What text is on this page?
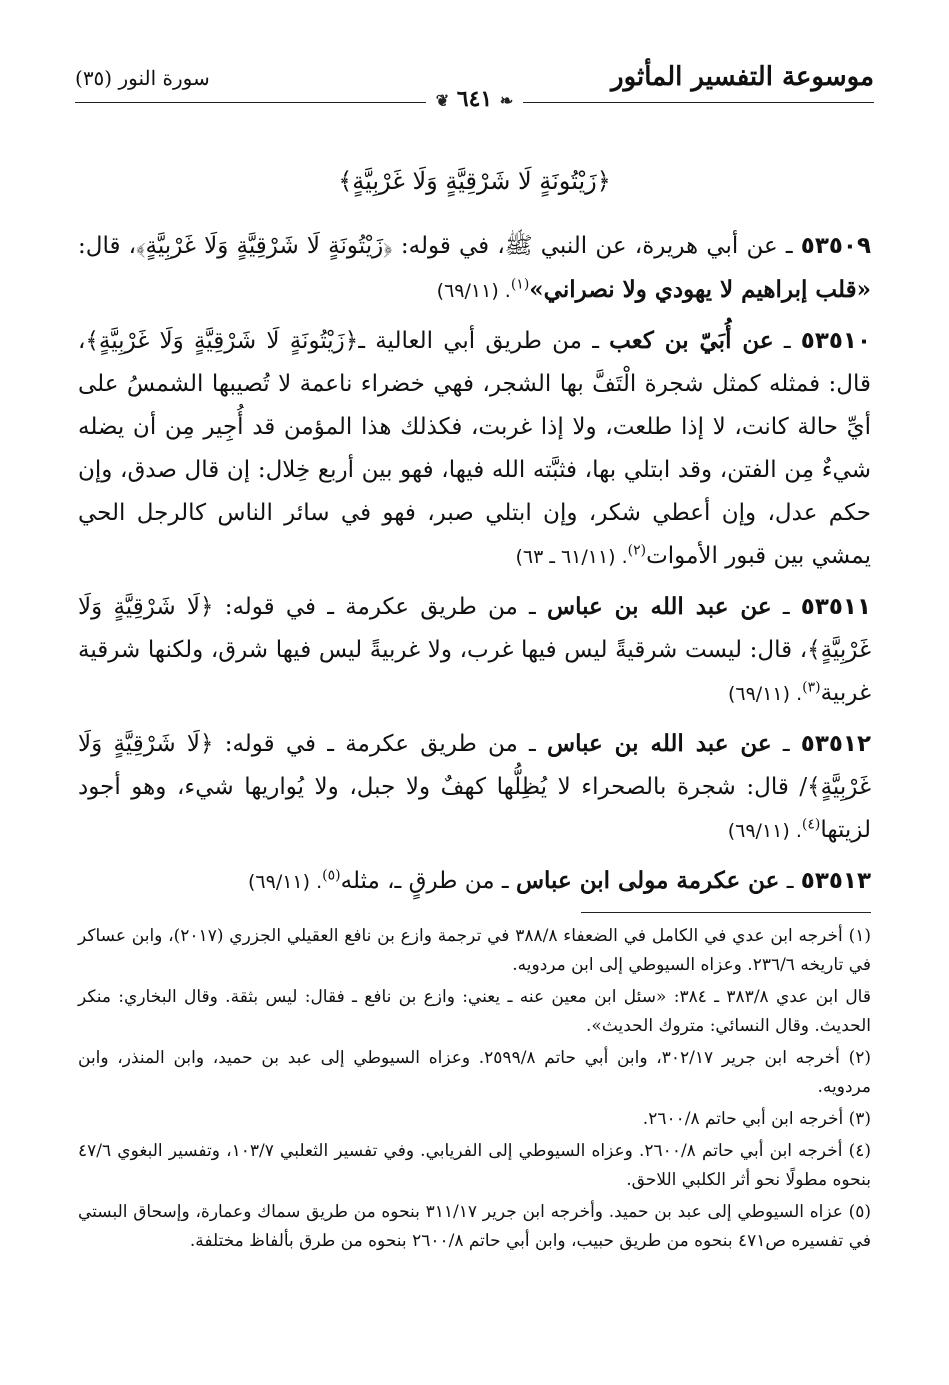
موسوعة التفسير المأثور
سورة النور (٣٥)
❦ ٦٤١ ❧
﴿زَيْتُونَةٍ لَا شَرْقِيَّةٍ وَلَا غَرْبِيَّةٍ﴾
٥٣٥٠٩ ـ عن أبي هريرة، عن النبي ﷺ، في قوله: ﴿زَيْتُونَةٍ لَا شَرْقِيَّةٍ وَلَا غَرْبِيَّةٍ﴾، قال: «قلب إبراهيم لا يهودي ولا نصراني»$^{(١)}$. (٦٩/١١)
٥٣٥١٠ ـ عن أُبَيّ بن كعب ـ من طريق أبي العالية ـ﴿زَيْتُونَةٍ لَا شَرْقِيَّةٍ وَلَا غَرْبِيَّةٍ﴾، قال: فمثله كمثل شجرة الْتَفَّ بها الشجر، فهي خضراء ناعمة لا تُصيبها الشمسُ على أيِّ حالة كانت، لا إذا طلعت، ولا إذا غربت، فكذلك هذا المؤمن قد أُجِير مِن أن يضله شيءٌ مِن الفتن، وقد ابتلي بها، فثبَّته الله فيها، فهو بين أربع خِلال: إن قال صدق، وإن حكم عدل، وإن أعطي شكر، وإن ابتلي صبر، فهو في سائر الناس كالرجل الحي يمشي بين قبور الأموات$^{(٢)}$. (٦١/١١ ـ ٦٣)
٥٣٥١١ ـ عن عبد الله بن عباس ـ من طريق عكرمة ـ في قوله: ﴿لَا شَرْقِيَّةٍ وَلَا غَرْبِيَّةٍ﴾، قال: ليست شرقيةً ليس فيها غرب، ولا غربيةً ليس فيها شرق، ولكنها شرقية غربية$^{(٣)}$. (٦٩/١١)
٥٣٥١٢ ـ عن عبد الله بن عباس ـ من طريق عكرمة ـ في قوله: ﴿لَا شَرْقِيَّةٍ وَلَا غَرْبِيَّةٍ﴾/ قال: شجرة بالصحراء لا يُظِلُّها كهفٌ ولا جبل، ولا يُواريها شيء، وهو أجود لزيتها$^{(٤)}$. (٦٩/١١)
٥٣٥١٣ ـ عن عكرمة مولى ابن عباس ـ من طرقٍ ـ، مثله$^{(٥)}$. (٦٩/١١)
(١) أخرجه ابن عدي في الكامل في الضعفاء ٣٨٨/٨ في ترجمة وازع بن نافع العقيلي الجزري (٢٠١٧)، وابن عساكر في تاريخه ٢٣٦/٦. وعزاه السيوطي إلى ابن مردويه.
قال ابن عدي ٣٨٣/٨ ـ ٣٨٤: «سئل ابن معين عنه ـ يعني: وازع بن نافع ـ فقال: ليس بثقة. وقال البخاري: منكر الحديث. وقال النسائي: متروك الحديث».
(٢) أخرجه ابن جرير ٣٠٢/١٧، وابن أبي حاتم ٢٥٩٩/٨. وعزاه السيوطي إلى عبد بن حميد، وابن المنذر، وابن مردويه.
(٣) أخرجه ابن أبي حاتم ٢٦٠٠/٨.
(٤) أخرجه ابن أبي حاتم ٢٦٠٠/٨. وعزاه السيوطي إلى الفريابي. وفي تفسير الثعلبي ١٠٣/٧، وتفسير البغوي ٤٧/٦ بنحوه مطولًا نحو أثر الكلبي اللاحق.
(٥) عزاه السيوطي إلى عبد بن حميد. وأخرجه ابن جرير ٣١١/١٧ بنحوه من طريق سماك وعمارة، وإسحاق البستي في تفسيره ص٤٧١ بنحوه من طريق حبيب، وابن أبي حاتم ٢٦٠٠/٨ بنحوه من طرق بألفاظ مختلفة.
